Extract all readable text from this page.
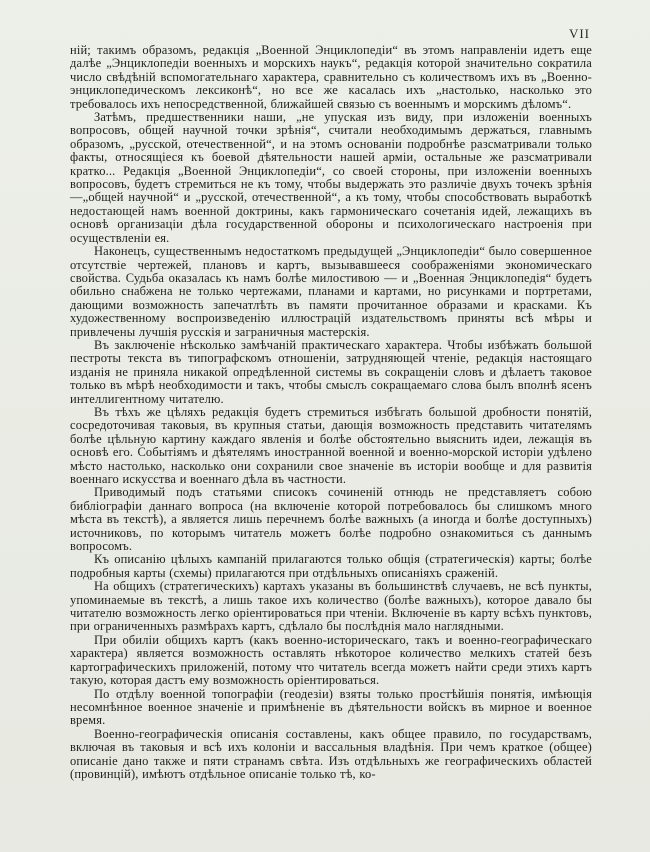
VII

ній; такимъ образомъ, редакція „Военной Энциклопедіи“ въ этомъ направленіи идетъ еще далѣе „Энциклопедіи военныхъ и морскихъ наукъ“, редакція которой значительно сократила число свѣдѣній вспомогательнаго характера, сравнительно съ количествомъ ихъ въ „Военно-энциклопедическомъ лексиконѣ“, но все же касалась ихъ „настолько, насколько это требовалось ихъ непосредственной, ближайшей связью съ военнымъ и морскимъ дѣломъ“.

Затѣмъ, предшественники наши, „не упуская изъ виду, при изложеніи военныхъ вопросовъ, общей научной точки зрѣнія“, считали необходимымъ держаться, главнымъ образомъ, „русской, отечественной“, и на этомъ основаніи подробнѣе разсматривали только факты, относящіеся къ боевой дѣятельности нашей арміи, остальные же разсматривали кратко... Редакція „Военной Энциклопедіи“, со своей стороны, при изложеніи военныхъ вопросовъ, будетъ стремиться не къ тому, чтобы выдержать это различіе двухъ точекъ зрѣнія—„общей научной“ и „русской, отечественной“, а къ тому, чтобы способствовать выработкѣ недостающей намъ военной доктрины, какъ гармоническаго сочетанія идей, лежащихъ въ основѣ организаціи дѣла государственной обороны и психологическаго настроенія при осуществленіи ея.

Наконецъ, существеннымъ недостаткомъ предыдущей „Энциклопедіи“ было совершенное отсутствіе чертежей, плановъ и картъ, вызывавшееся соображеніями экономическаго свойства. Судьба оказалась къ намъ болѣе милостивою — и „Военная Энциклопедія“ будетъ обильно снабжена не только чертежами, планами и картами, но рисунками и портретами, дающими возможность запечатлѣть въ памяти прочитанное образами и красками. Къ художественному воспроизведенію иллюстрацій издательствомъ приняты всѣ мѣры и привлечены лучшія русскія и заграничныя мастерскія.

Въ заключеніе нѣсколько замѣчаній практическаго характера. Чтобы избѣжать большой пестроты текста въ типографскомъ отношеніи, затрудняющей чтеніе, редакція настоящаго изданія не приняла никакой опредѣленной системы въ сокращеніи словъ и дѣлаетъ таковое только въ мѣрѣ необходимости и такъ, чтобы смыслъ сокращаемаго слова былъ вполнѣ ясенъ интеллигентному читателю.

Въ тѣхъ же цѣляхъ редакція будетъ стремиться избѣгать большой дробности понятій, сосредоточивая таковыя, въ крупныя статьи, дающія возможность представить читателямъ болѣе цѣльную картину каждаго явленія и болѣе обстоятельно выяснить идеи, лежащія въ основѣ его. Событіямъ и дѣятелямъ иностранной военной и военно-морской исторіи удѣлено мѣсто настолько, насколько они сохранили свое значеніе въ исторіи вообще и для развитія военнаго искусства и военнаго дѣла въ частности.

Приводимый подъ статьями списокъ сочиненій отнюдь не представляетъ собою библіографіи даннаго вопроса (на включеніе которой потребовалось бы слишкомъ много мѣста въ текстѣ), а является лишь перечнемъ болѣе важныхъ (а иногда и болѣе доступныхъ) источниковъ, по которымъ читатель можетъ болѣе подробно ознакомиться съ даннымъ вопросомъ.

Къ описанію цѣлыхъ кампаній прилагаются только общія (стратегическія) карты; болѣе подробныя карты (схемы) прилагаются при отдѣльныхъ описаніяхъ сраженій.

На общихъ (стратегическихъ) картахъ указаны въ большинствѣ случаевъ, не всѣ пункты, упоминаемые въ текстѣ, а лишь такое ихъ количество (болѣе важныхъ), которое давало бы читателю возможность легко оріентироваться при чтеніи. Включеніе въ карту всѣхъ пунктовъ, при ограниченныхъ размѣрахъ картъ, сдѣлало бы послѣднія мало наглядными.

При обиліи общихъ картъ (какъ военно-историческаго, такъ и военно-географическаго характера) является возможность оставлять нѣкоторое количество мелкихъ статей безъ картографическихъ приложеній, потому что читатель всегда можетъ найти среди этихъ картъ такую, которая дастъ ему возможность оріентироваться.

По отдѣлу военной топографіи (геодезіи) взяты только простѣйшія понятія, имѣющія несомнѣнное военное значеніе и примѣненіе въ дѣятельности войскъ въ мирное и военное время.

Военно-географическія описанія составлены, какъ общее правило, по государствамъ, включая въ таковыя и всѣ ихъ колоніи и вассальныя владѣнія. При чемъ краткое (общее) описаніе дано также и пяти странамъ свѣта. Изъ отдѣльныхъ же географическихъ областей (провинцій), имѣютъ отдѣльное описаніе только тѣ, ко-
